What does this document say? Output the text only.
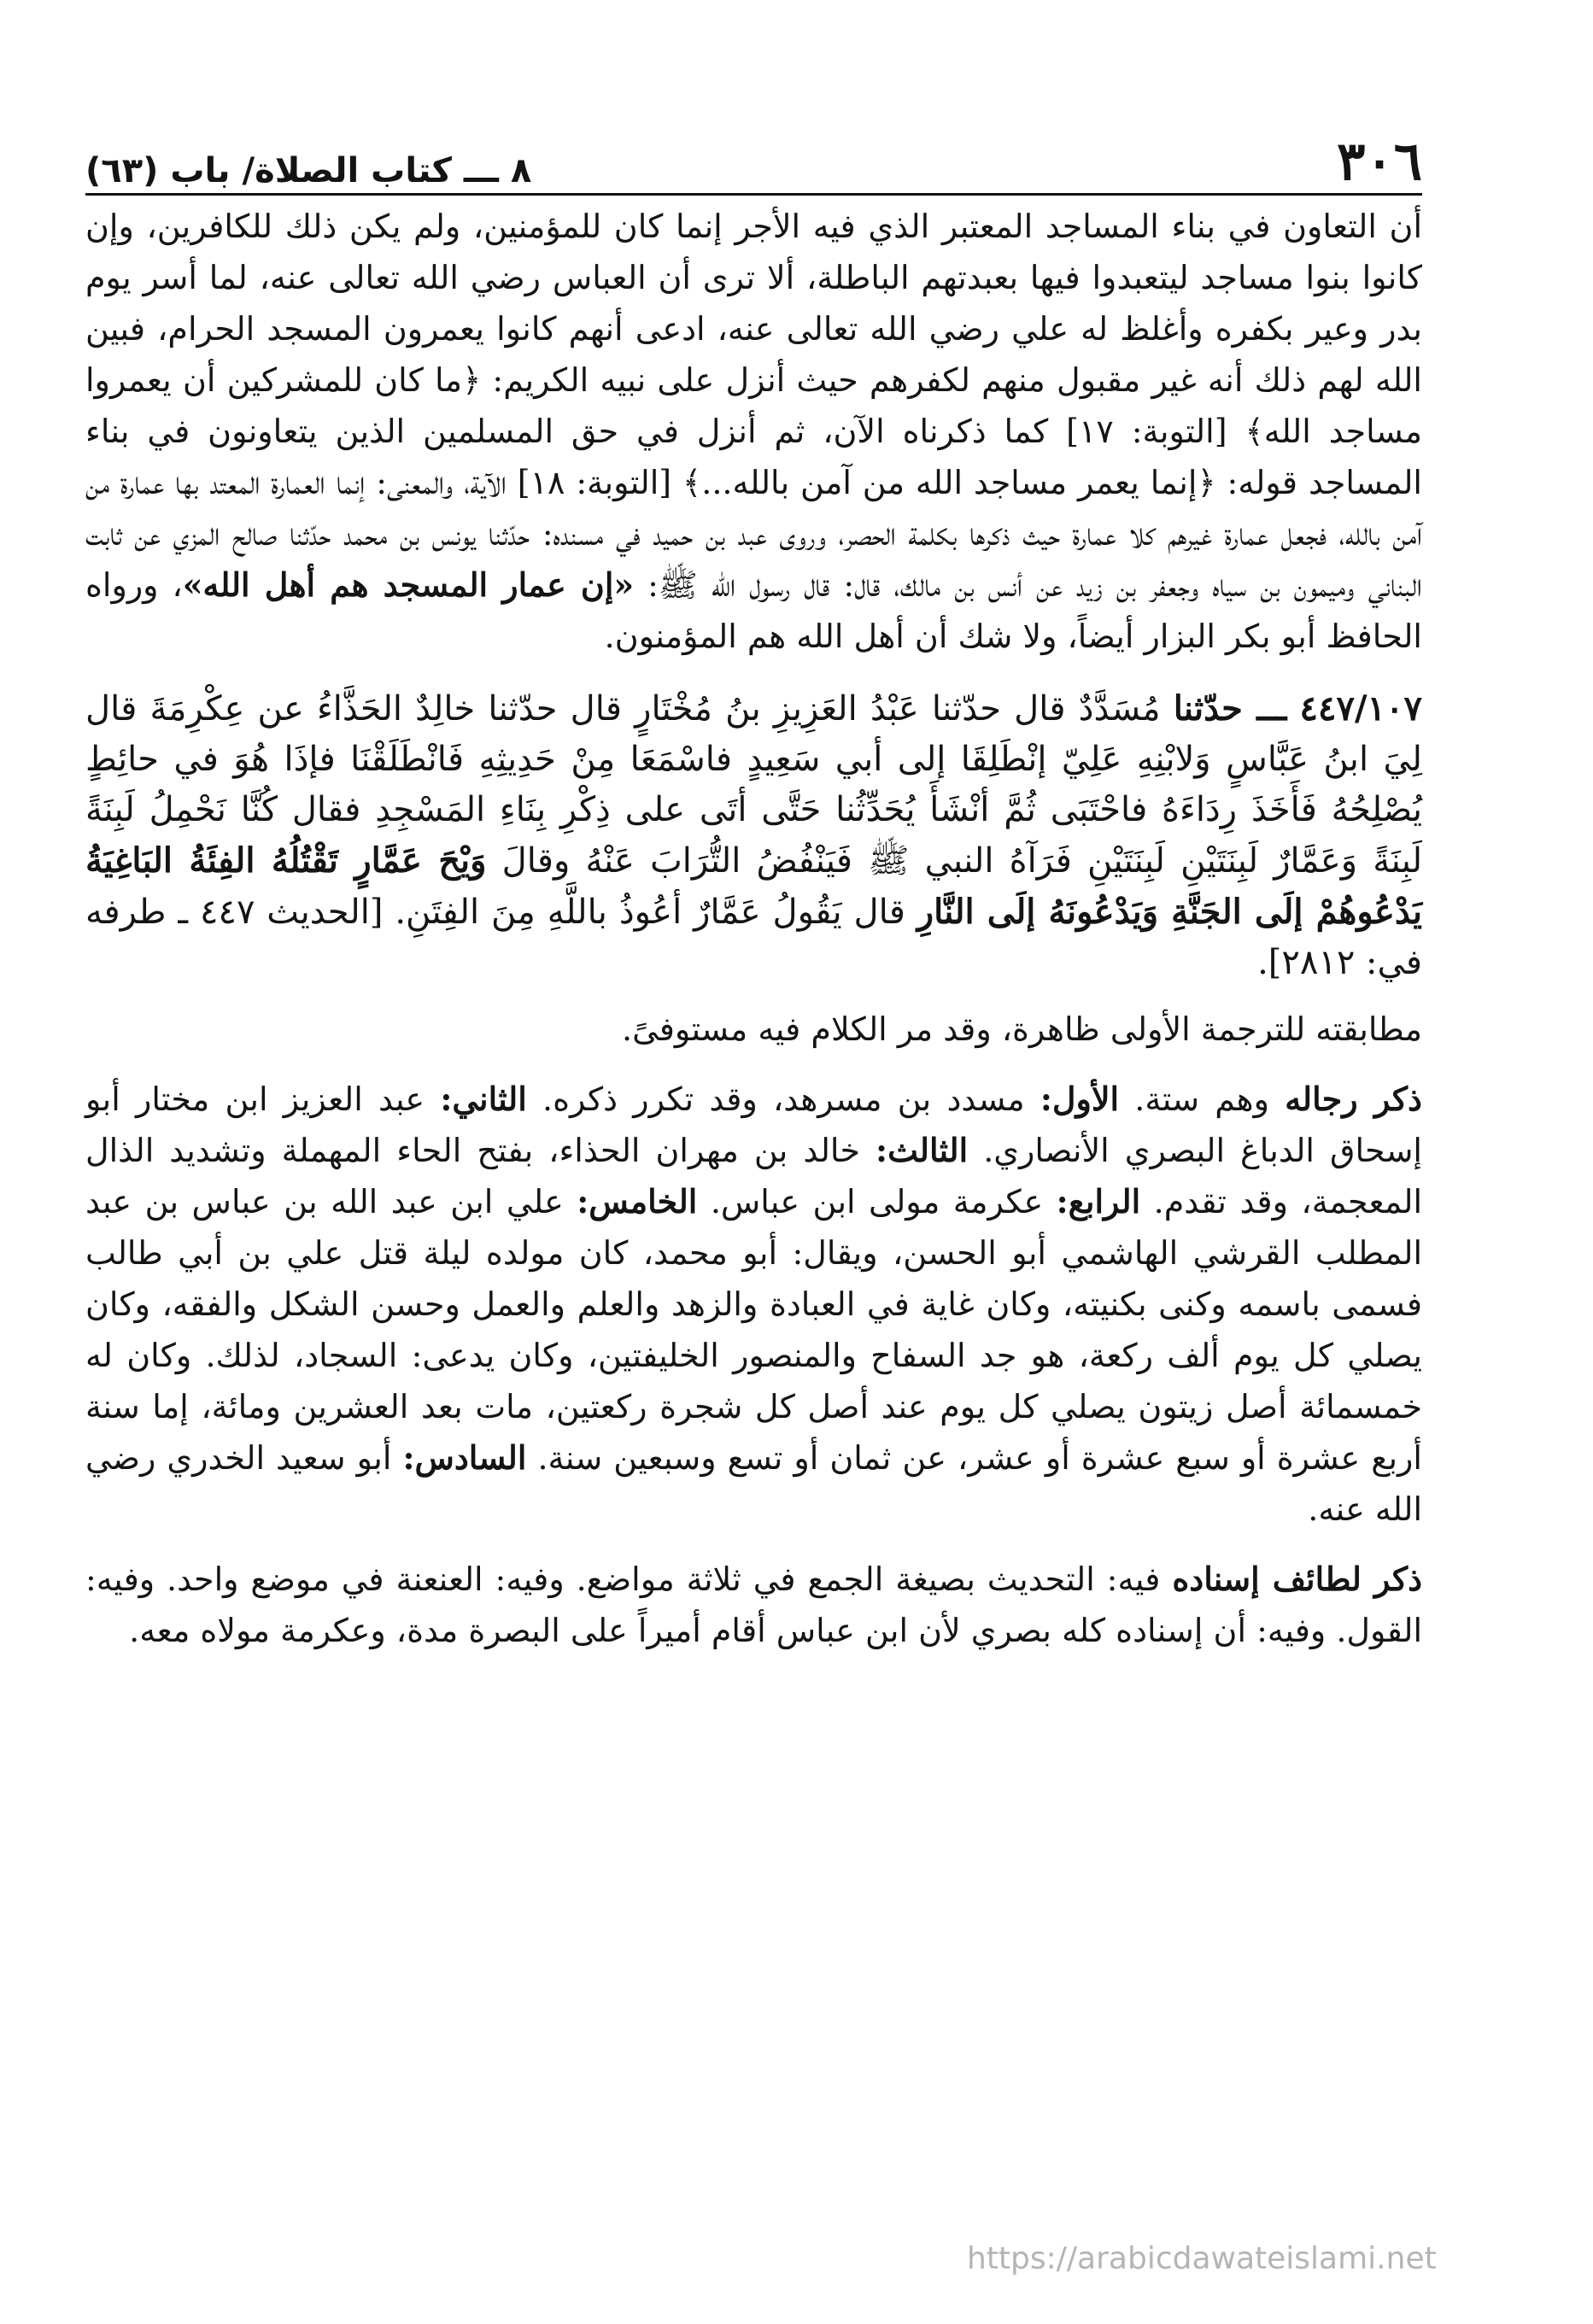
٣٠٦
٨ ـــ كتاب الصلاة/ باب (٦٣)

أن التعاون في بناء المساجد المعتبر الذي فيه الأجر إنما كان للمؤمنين، ولم يكن ذلك للكافرين، وإن كانوا بنوا مساجد ليتعبدوا فيها بعبدتهم الباطلة، ألا ترى أن العباس رضي الله تعالى عنه، لما أسر يوم بدر وعير بكفره وأغلظ له علي رضي الله تعالى عنه، ادعى أنهم كانوا يعمرون المسجد الحرام، فبين الله لهم ذلك أنه غير مقبول منهم لكفرهم حيث أنزل على نبيه الكريم: ﴿ما كان للمشركين أن يعمروا مساجد الله﴾ [التوبة: ١٧] كما ذكرناه الآن، ثم أنزل في حق المسلمين الذين يتعاونون في بناء المساجد قوله: ﴿إنما يعمر مساجد الله من آمن بالله...﴾ [التوبة: ١٨] الآية، والمعنى: إنما العمارة المعتد بها عمارة من آمن بالله، فجعل عمارة غيرهم كلا عمارة حيث ذكرها بكلمة الحصر، وروى عبد بن حميد في مسنده: حدّثنا يونس بن محمد حدّثنا صالح المزي عن ثابت البناني وميمون بن سياه وجعفر بن زيد عن أنس بن مالك، قال: قال رسول الله ﷺ: «إن عمار المسجد هم أهل الله»، ورواه الحافظ أبو بكر البزار أيضاً، ولا شك أن أهل الله هم المؤمنون.

٤٤٧/١٠٧ ـــ حدّثنا مُسَدَّدٌ قال حدّثنا عَبْدُ العَزِيزِ بنُ مُخْتَارٍ قال حدّثنا خالِدٌ الحَذَّاءُ عن عِكْرِمَةَ قال لِيَ ابنُ عَبَّاسٍ وَلابْنِهِ عَلِيّ إنْطَلِقَا إلى أبي سَعِيدٍ فاسْمَعَا مِنْ حَدِيثِهِ فَانْطَلَقْنَا فإذَا هُوَ في حائِطٍ يُصْلِحُهُ فَأَخَذَ رِدَاءَهُ فاحْتَبَى ثُمَّ أنْشَأَ يُحَدِّثُنا حَتَّى أتَى على ذِكْرِ بِنَاءِ المَسْجِدِ فقال كُنَّا نَحْمِلُ لَبِنَةً لَبِنَةً وَعَمَّارٌ لَبِنَتَيْنِ لَبِنَتَيْنِ فَرَآهُ النبي ﷺ فَيَنْفُضُ التُّرَابَ عَنْهُ وقالَ وَيْحَ عَمَّارٍ تَقْتُلُهُ الفِئَةُ البَاغِيَةُ يَدْعُوهُمْ إلَى الجَنَّةِ وَيَدْعُونَهُ إلَى النَّارِ قال يَقُولُ عَمَّارٌ أعُوذُ باللَّهِ مِنَ الفِتَنِ. [الحديث ٤٤٧ ـ طرفه في: ٢٨١٢].

مطابقته للترجمة الأولى ظاهرة، وقد مر الكلام فيه مستوفىً.

ذكر رجاله وهم ستة. الأول: مسدد بن مسرهد، وقد تكرر ذكره. الثاني: عبد العزيز ابن مختار أبو إسحاق الدباغ البصري الأنصاري. الثالث: خالد بن مهران الحذاء، بفتح الحاء المهملة وتشديد الذال المعجمة، وقد تقدم. الرابع: عكرمة مولى ابن عباس. الخامس: علي ابن عبد الله بن عباس بن عبد المطلب القرشي الهاشمي أبو الحسن، ويقال: أبو محمد، كان مولده ليلة قتل علي بن أبي طالب فسمى باسمه وكنى بكنيته، وكان غاية في العبادة والزهد والعلم والعمل وحسن الشكل والفقه، وكان يصلي كل يوم ألف ركعة، هو جد السفاح والمنصور الخليفتين، وكان يدعى: السجاد، لذلك. وكان له خمسمائة أصل زيتون يصلي كل يوم عند أصل كل شجرة ركعتين، مات بعد العشرين ومائة، إما سنة أربع عشرة أو سبع عشرة أو عشر، عن ثمان أو تسع وسبعين سنة. السادس: أبو سعيد الخدري رضي الله عنه.

ذكر لطائف إسناده فيه: التحديث بصيغة الجمع في ثلاثة مواضع. وفيه: العنعنة في موضع واحد. وفيه: القول. وفيه: أن إسناده كله بصري لأن ابن عباس أقام أميراً على البصرة مدة، وعكرمة مولاه معه.

https://arabicdawateislami.net
